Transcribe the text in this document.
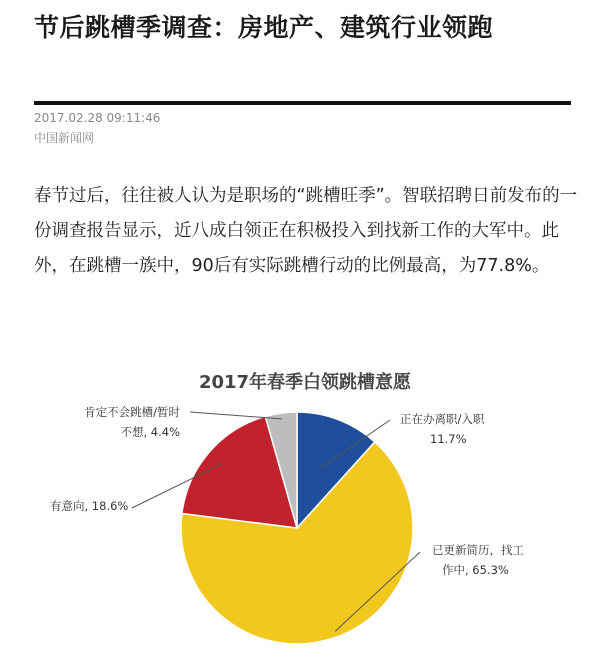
节后跳槽季调查：房地产、建筑行业领跑
2017.02.28 09:11:46
中国新闻网
春节过后，往往被人认为是职场的“跳槽旺季”。智联招聘日前发布的一份调查报告显示，近八成白领正在积极投入到找新工作的大军中。此外，在跳槽一族中，90后有实际跳槽行动的比例最高，为77.8%。
2017年春季白领跳槽意愿
正在办离职/入职 11.7%
已更新简历，找工作中, 65.3%
有意向, 18.6%
肯定不会跳槽/暂时不想, 4.4%
